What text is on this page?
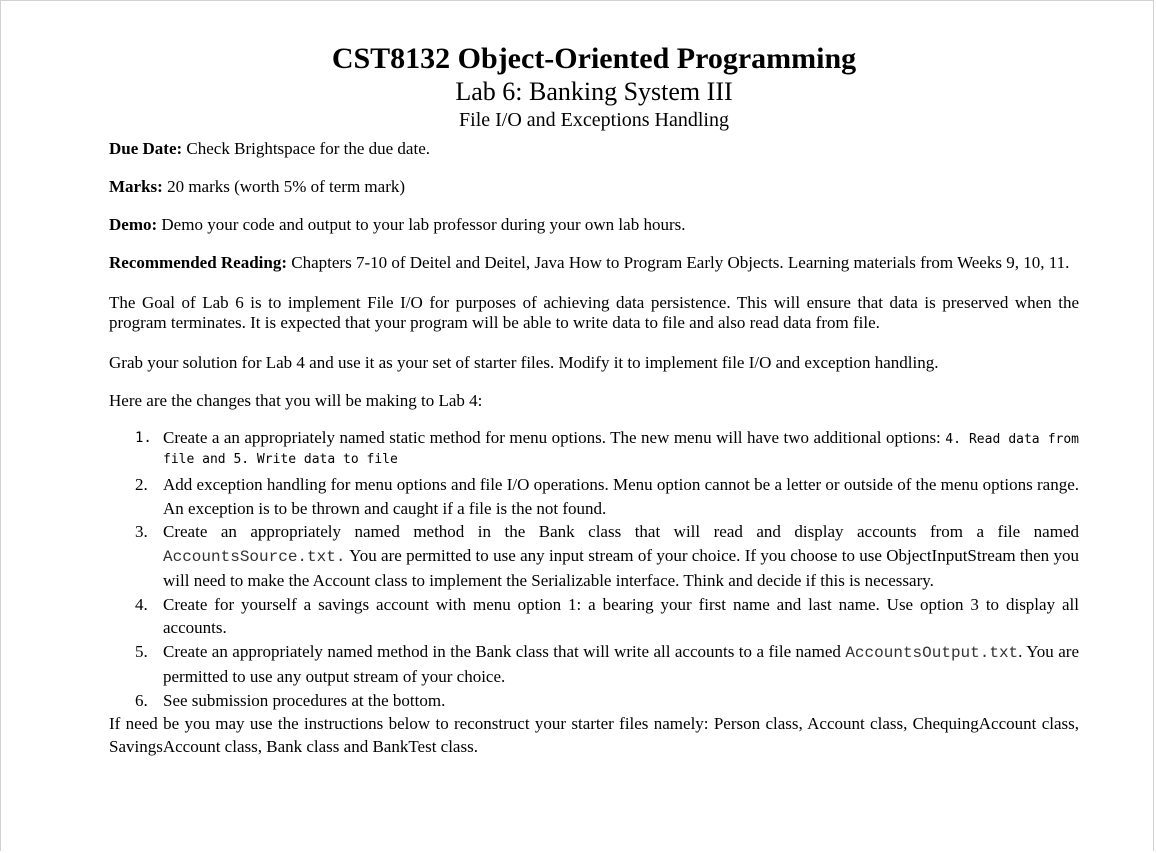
CST8132 Object-Oriented Programming
Lab 6: Banking System III
File I/O and Exceptions Handling

Due Date: Check Brightspace for the due date.

Marks: 20 marks (worth 5% of term mark)

Demo: Demo your code and output to your lab professor during your own lab hours.

Recommended Reading: Chapters 7-10 of Deitel and Deitel, Java How to Program Early Objects. Learning materials from Weeks 9, 10, 11.

The Goal of Lab 6 is to implement File I/O for purposes of achieving data persistence. This will ensure that data is preserved when the program terminates. It is expected that your program will be able to write data to file and also read data from file.

Grab your solution for Lab 4 and use it as your set of starter files. Modify it to implement file I/O and exception handling.

Here are the changes that you will be making to Lab 4:

1. Create a an appropriately named static method for menu options. The new menu will have two additional options: 4. Read data from file and 5. Write data to file
2. Add exception handling for menu options and file I/O operations. Menu option cannot be a letter or outside of the menu options range. An exception is to be thrown and caught if a file is the not found.
3. Create an appropriately named method in the Bank class that will read and display accounts from a file named AccountsSource.txt. You are permitted to use any input stream of your choice. If you choose to use ObjectInputStream then you will need to make the Account class to implement the Serializable interface. Think and decide if this is necessary.
4. Create for yourself a savings account with menu option 1: a bearing your first name and last name. Use option 3 to display all accounts.
5. Create an appropriately named method in the Bank class that will write all accounts to a file named AccountsOutput.txt. You are permitted to use any output stream of your choice.
6. See submission procedures at the bottom.

If need be you may use the instructions below to reconstruct your starter files namely: Person class, Account class, ChequingAccount class, SavingsAccount class, Bank class and BankTest class.
